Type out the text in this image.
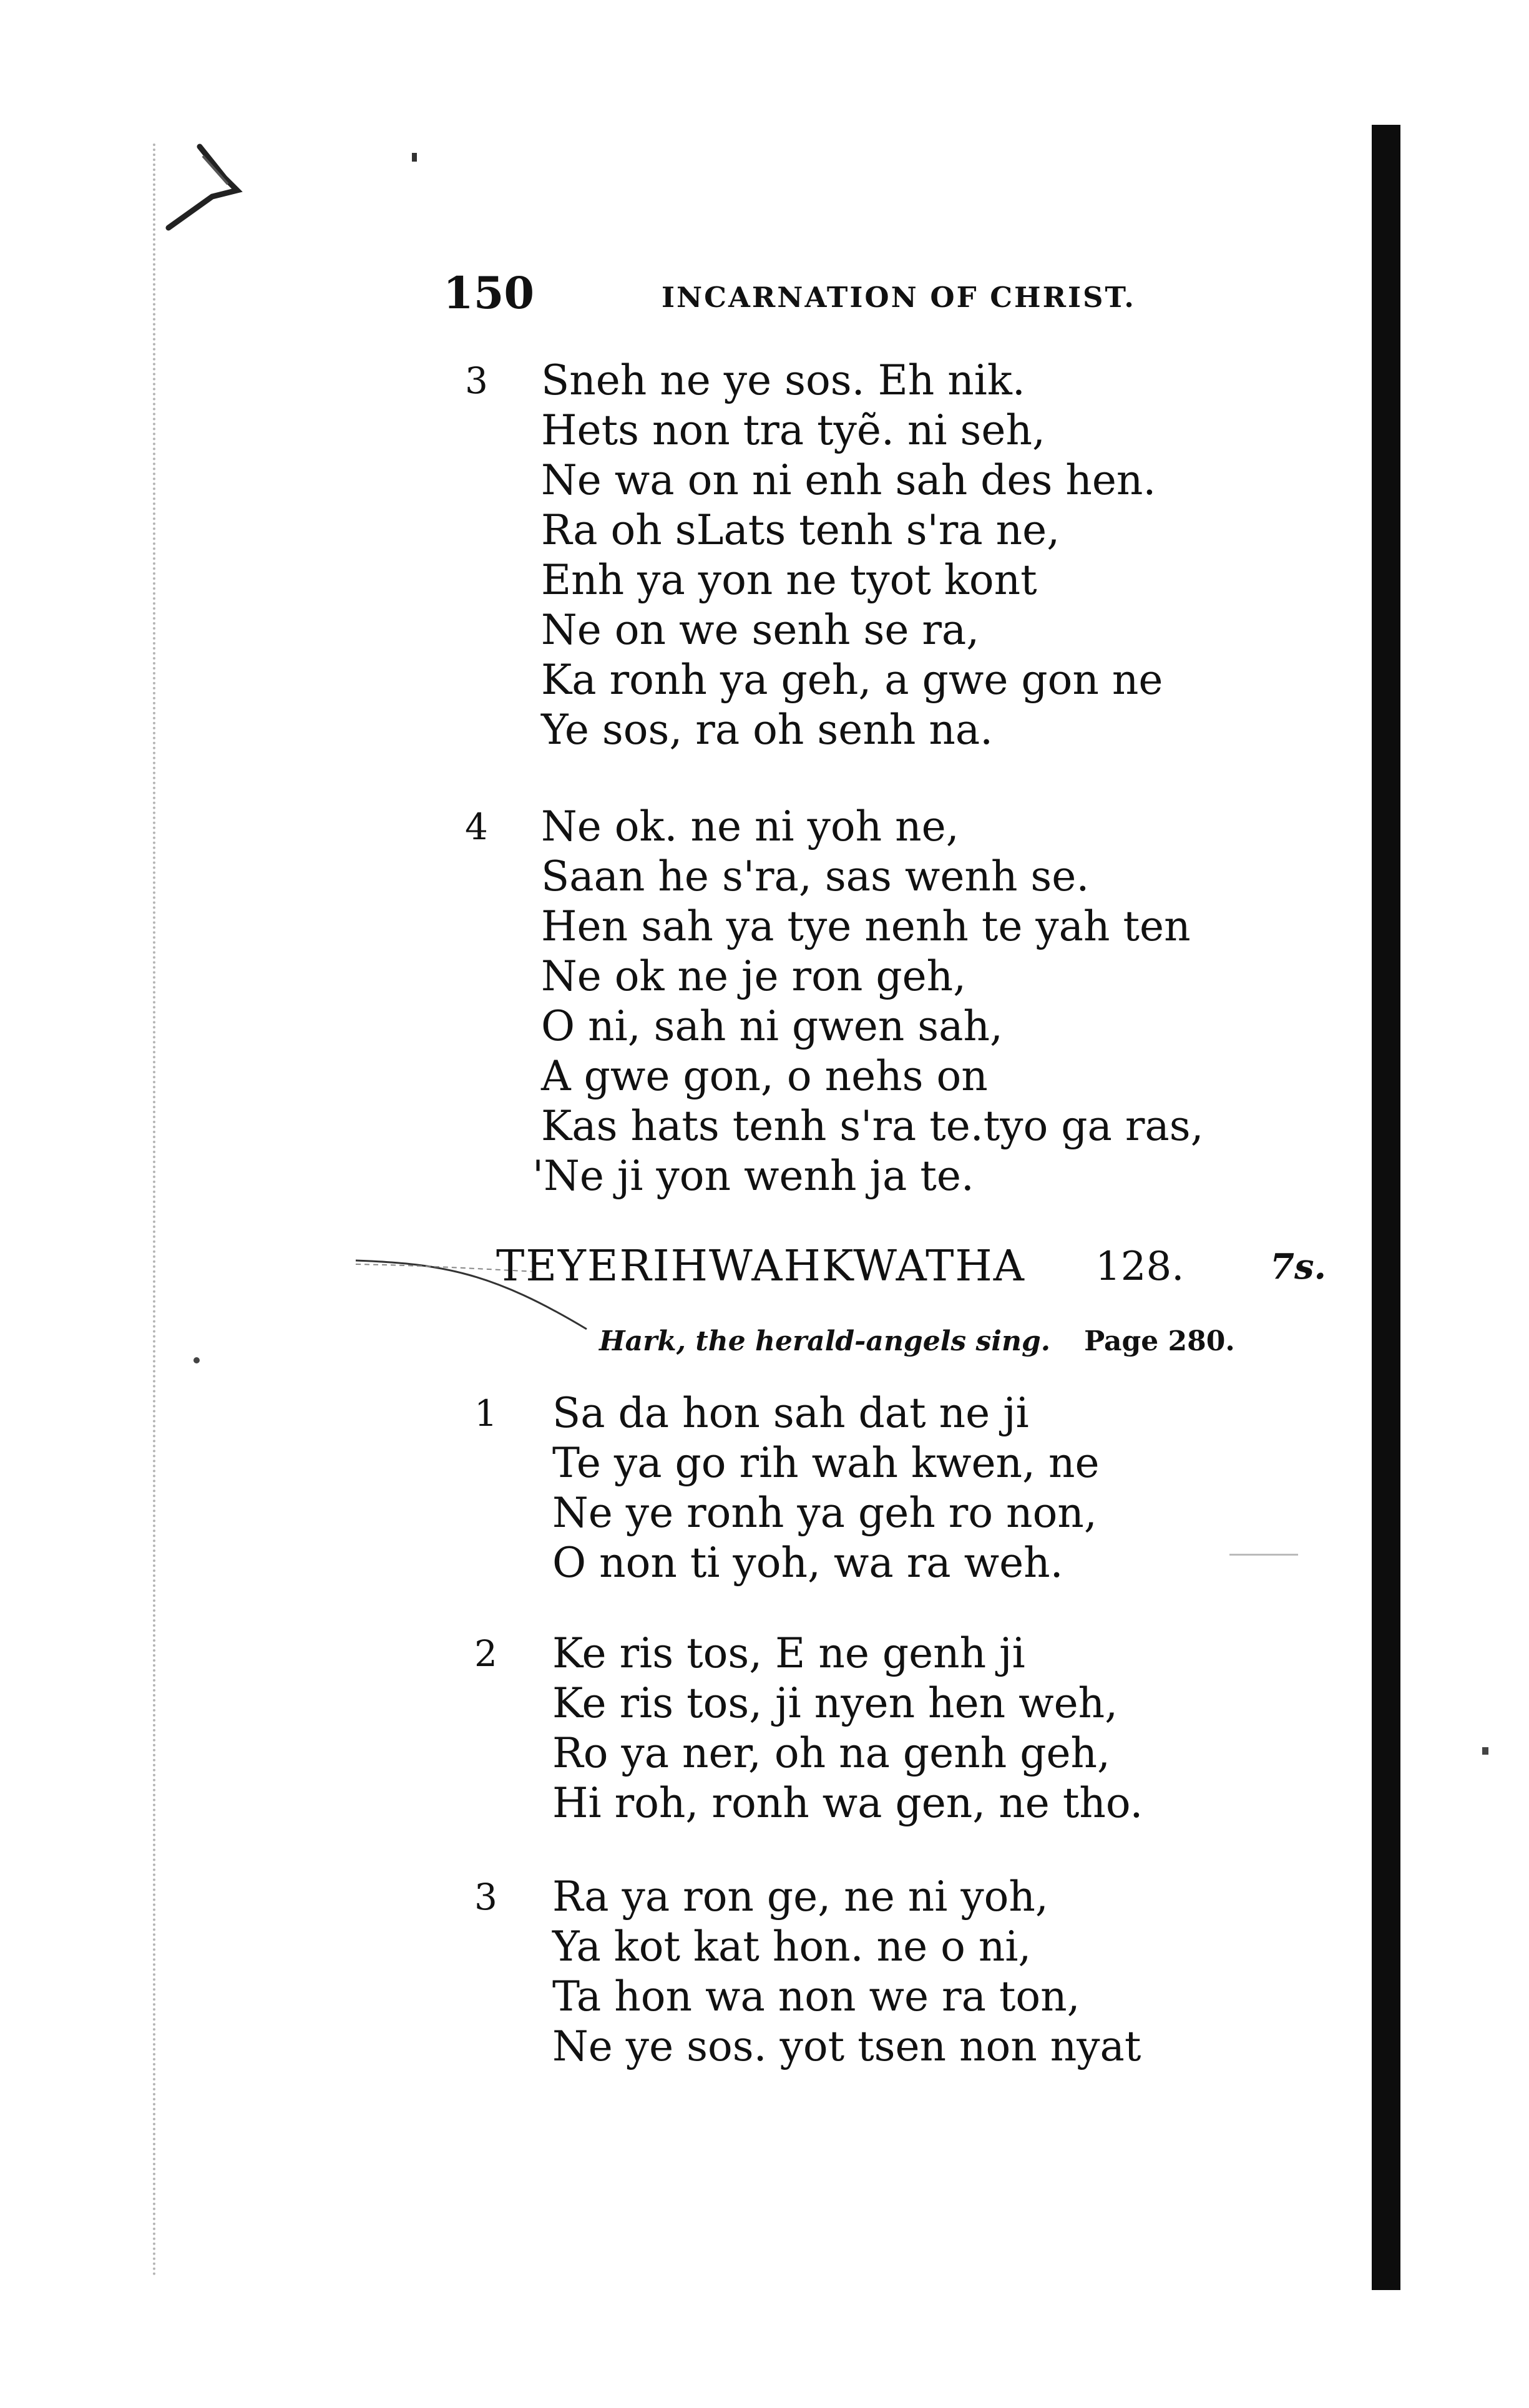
150	INCARNATION OF CHRIST.
3	Sneh ne ye sos. Eh nik.
Hets non tra tyẽ. ni seh,
Ne wa on ni enh sah des hen.
Ra oh sLats tenh s'ra ne,
Enh ya yon ne tyot kont
Ne on we senh se ra,
Ka ronh ya geh, a gwe gon ne
Ye sos, ra oh senh na.
4	Ne ok. ne ni yoh ne,
Saan he s'ra, sas wenh se.
Hen sah ya tye nenh te yah ten
Ne ok ne je ron geh,
O ni, sah ni gwen sah,
A gwe gon, o nehs on
Kas hats tenh s'ra te.tyo ga ras,
'Ne ji yon wenh ja te.
TEYERIHWAHKWATHA 128. 7s.
Hark, the herald-angels sing. Page 280.
1	Sa da hon sah dat ne ji
Te ya go rih wah kwen, ne
Ne ye ronh ya geh ro non,
O non ti yoh, wa ra weh.
2	Ke ris tos, E ne genh ji
Ke ris tos, ji nyen hen weh,
Ro ya ner, oh na genh geh,
Hi roh, ronh wa gen, ne tho.
3	Ra ya ron ge, ne ni yoh,
Ya kot kat hon. ne o ni,
Ta hon wa non we ra ton,
Ne ye sos. yot tsen non nyat
